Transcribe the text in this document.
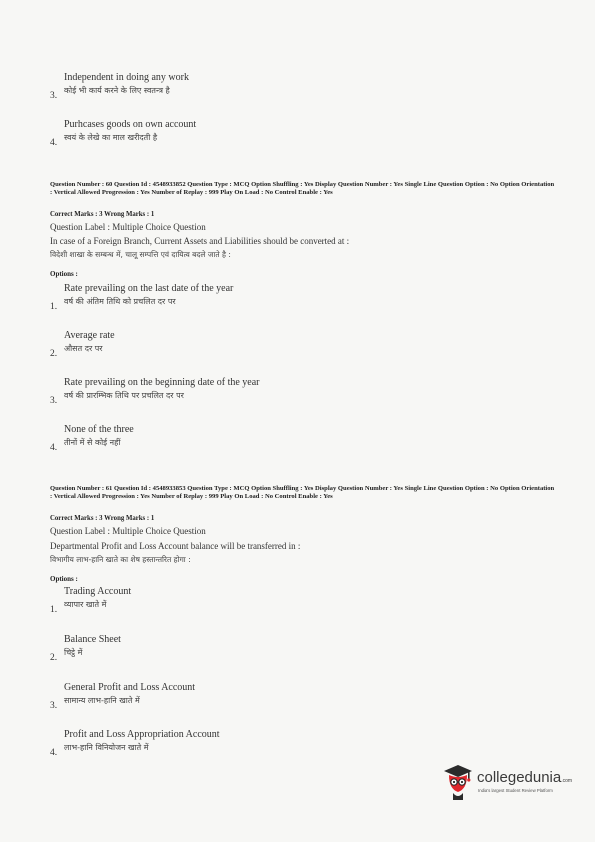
Independent in doing any work
कोई भी कार्य करने के लिए स्वतन्त्र है
3.
Purhcases goods on own account
स्वयं के लेखे का माल खरीदती है
4.
Question Number : 60 Question Id : 4548933852 Question Type : MCQ Option Shuffling : Yes Display Question Number : Yes Single Line Question Option : No Option Orientation : Vertical Allowed Progression : Yes Number of Replay : 999 Play On Load : No Control Enable : Yes
Correct Marks : 3 Wrong Marks : 1
Question Label : Multiple Choice Question
In case of a Foreign Branch, Current Assets and Liabilities should be converted at :
विदेशी शाखा के सम्बन्ध में, चालू सम्पत्ति एवं दायित्व बदले जाते है :
Options :
Rate prevailing on the last date of the year
वर्ष की अंतिम तिथि को प्रचलित दर पर
1.
Average rate
औसत दर पर
2.
Rate prevailing on the beginning date of the year
वर्ष की प्रारम्भिक तिथि पर प्रचलित दर पर
3.
None of the three
तीनों में से कोई नहीं
4.
Question Number : 61 Question Id : 4548933853 Question Type : MCQ Option Shuffling : Yes Display Question Number : Yes Single Line Question Option : No Option Orientation : Vertical Allowed Progression : Yes Number of Replay : 999 Play On Load : No Control Enable : Yes
Correct Marks : 3 Wrong Marks : 1
Question Label : Multiple Choice Question
Departmental Profit and Loss Account balance will be transferred in :
विभागीय लाभ-हानि खाते का शेष हस्तान्तरित होगा :
Options :
Trading Account
व्यापार खाते में
1.
Balance Sheet
चिट्ठे में
2.
General Profit and Loss Account
सामान्य लाभ-हानि खाते में
3.
Profit and Loss Appropriation Account
लाभ-हानि विनियोजन खाते में
4.
collegedunia.com
India's largest Student Review Platform
